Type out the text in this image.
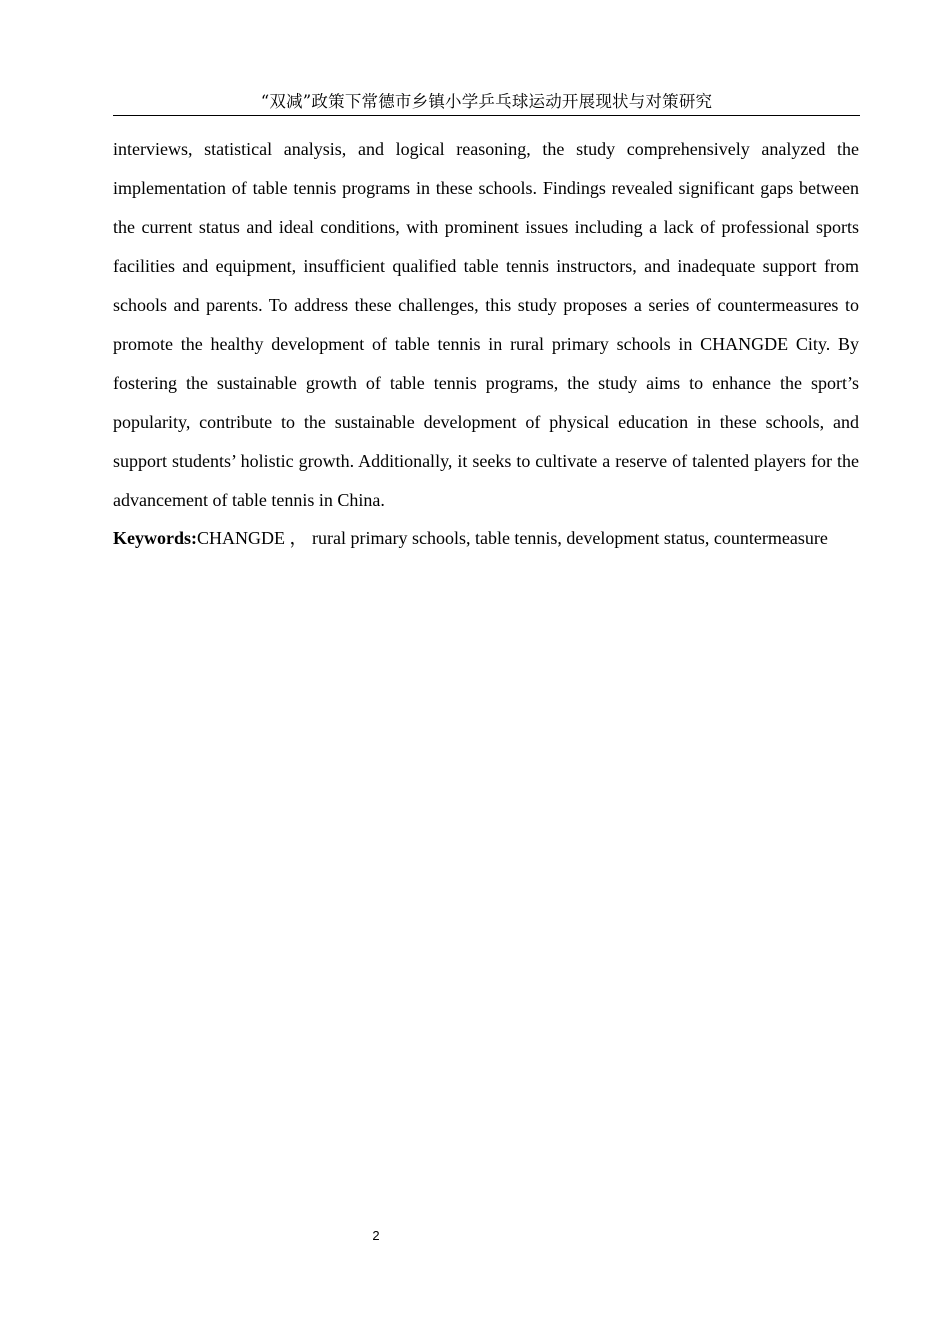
“双减”政策下常德市乡镇小学乒乓球运动开展现状与对策研究

interviews, statistical analysis, and logical reasoning, the study comprehensively analyzed the implementation of table tennis programs in these schools. Findings revealed significant gaps between the current status and ideal conditions, with prominent issues including a lack of professional sports facilities and equipment, insufficient qualified table tennis instructors, and inadequate support from schools and parents. To address these challenges, this study proposes a series of countermeasures to promote the healthy development of table tennis in rural primary schools in CHANGDE City. By fostering the sustainable growth of table tennis programs, the study aims to enhance the sport’s popularity, contribute to the sustainable development of physical education in these schools, and support students’ holistic growth. Additionally, it seeks to cultivate a reserve of talented players for the advancement of table tennis in China.

Keywords:CHANGDE ， rural primary schools, table tennis, development status, countermeasure

2
